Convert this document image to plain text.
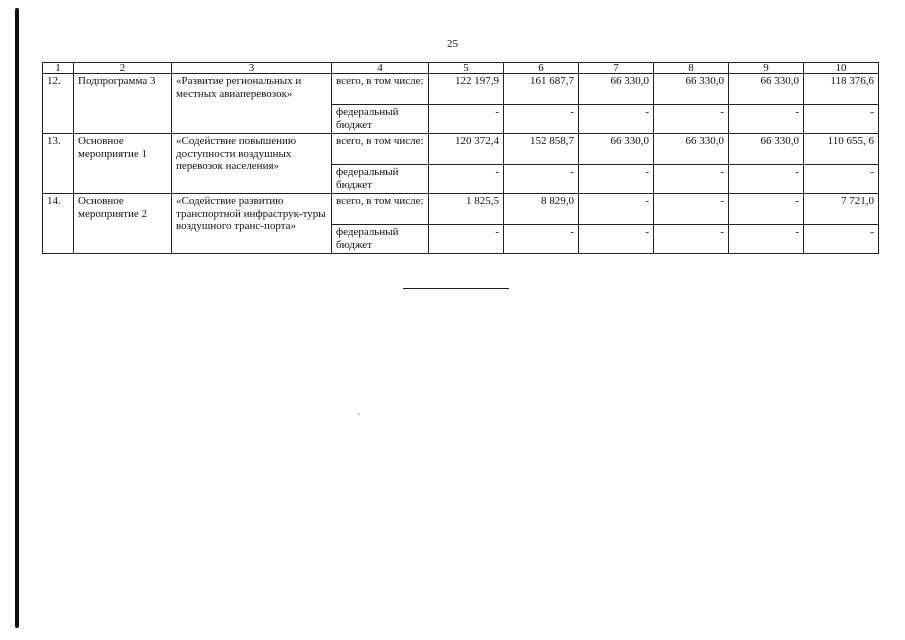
25
1	2	3	4	5	6	7	8	9	10
12.	Подпрограмма 3	«Развитие региональных и местных авиаперевозок»	всего, в том числе:	122 197,9	161 687,7	66 330,0	66 330,0	66 330,0	118 376,6
			федеральный бюджет	-	-	-	-	-	-
13.	Основное мероприятие 1	«Содействие повышению доступности воздушных перевозок населения»	всего, в том числе:	120 372,4	152 858,7	66 330,0	66 330,0	66 330,0	110 655, 6
			федеральный бюджет	-	-	-	-	-	-
14.	Основное мероприятие 2	«Содействие развитию транспортной инфраструк-туры воздушного транс-порта»	всего, в том числе:	1 825,5	8 829,0	-	-	-	7 721,0
			федеральный бюджет	-	-	-	-	-	-
